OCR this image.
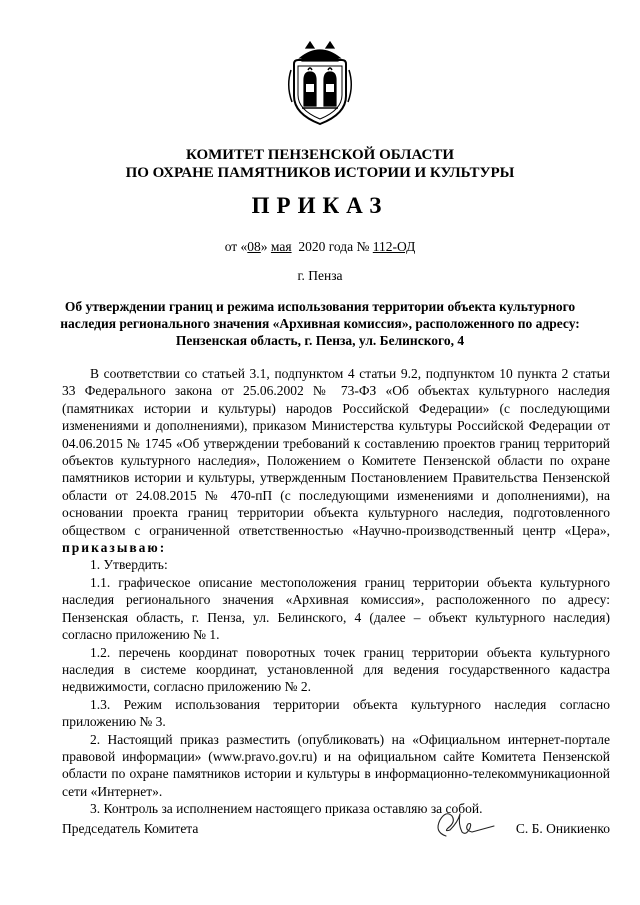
КОМИТЕТ ПЕНЗЕНСКОЙ ОБЛАСТИ
ПО ОХРАНЕ ПАМЯТНИКОВ ИСТОРИИ И КУЛЬТУРЫ
ПРИКАЗ
от «08» мая 2020 года № 112-ОД
г. Пенза
Об утверждении границ и режима использования территории объекта культурного наследия регионального значения «Архивная комиссия», расположенного по адресу: Пензенская область, г. Пенза, ул. Белинского, 4

В соответствии со статьей 3.1, подпунктом 4 статьи 9.2, подпунктом 10 пункта 2 статьи 33 Федерального закона от 25.06.2002 № 73-ФЗ «Об объектах культурного наследия (памятниках истории и культуры) народов Российской Федерации» (с последующими изменениями и дополнениями), приказом Министерства культуры Российской Федерации от 04.06.2015 № 1745 «Об утверждении требований к составлению проектов границ территорий объектов культурного наследия», Положением о Комитете Пензенской области по охране памятников истории и культуры, утвержденным Постановлением Правительства Пензенской области от 24.08.2015 № 470-пП (с последующими изменениями и дополнениями), на основании проекта границ территории объекта культурного наследия, подготовленного обществом с ограниченной ответственностью «Научно-производственный центр «Цера», приказываю:

1. Утвердить:

1.1. графическое описание местоположения границ территории объекта культурного наследия регионального значения «Архивная комиссия», расположенного по адресу: Пензенская область, г. Пенза, ул. Белинского, 4 (далее – объект культурного наследия) согласно приложению № 1.

1.2. перечень координат поворотных точек границ территории объекта культурного наследия в системе координат, установленной для ведения государственного кадастра недвижимости, согласно приложению № 2.

1.3. Режим использования территории объекта культурного наследия согласно приложению № 3.

2. Настоящий приказ разместить (опубликовать) на «Официальном интернет-портале правовой информации» (www.pravo.gov.ru) и на официальном сайте Комитета Пензенской области по охране памятников истории и культуры в информационно-телекоммуникационной сети «Интернет».

3. Контроль за исполнением настоящего приказа оставляю за собой.

Председатель Комитета	С. Б. Оникиенко
